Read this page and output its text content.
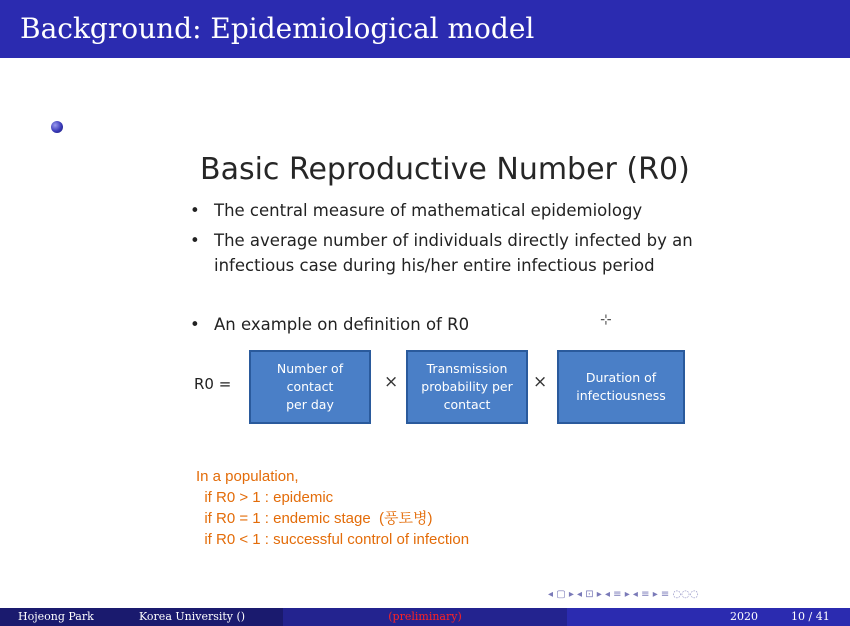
Background: Epidemiological model
Basic Reproductive Number (R0)
• The central measure of mathematical epidemiology
• The average number of individuals directly infected by an infectious case during his/her entire infectious period
• An example on definition of R0	⊹
R0 =
Number of
contact
per day
×
Transmission
probability per
contact
×	Duration of
infectiousness
In a population,
if R0 > 1 : epidemic
if R0 = 1 : endemic stage  (풍토병)
if R0 < 1 : successful control of infection
◂ ▢ ▸ ◂ ⊡ ▸ ◂ ≡ ▸ ◂ ≡ ▸ ≡ ◌◌◌
Hojeong Park	Korea University ()	(preliminary)	2020	10 / 41
